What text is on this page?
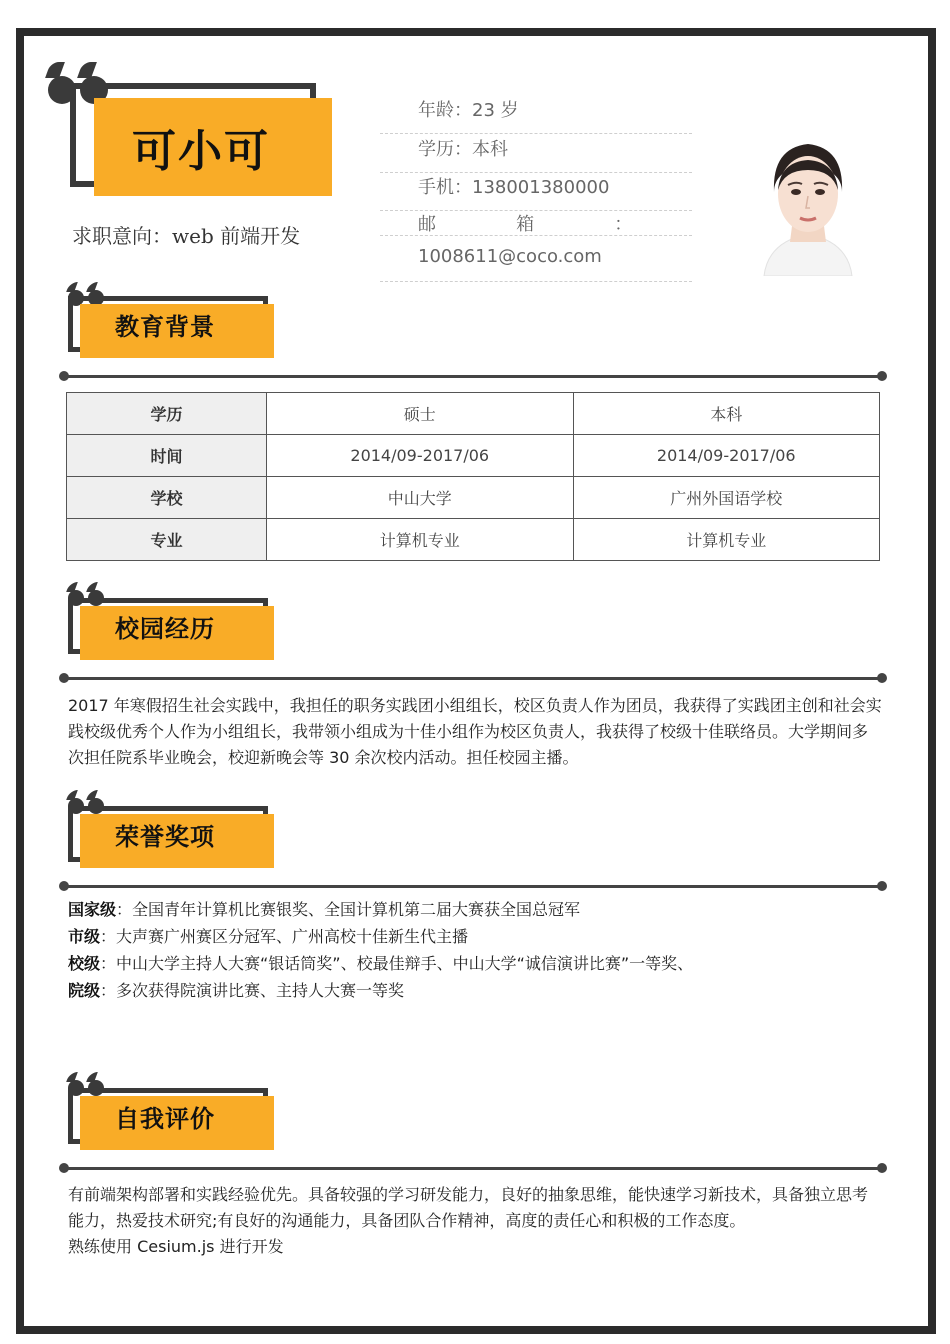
可小可
求职意向：web 前端开发
年龄：23 岁
学历：本科
手机：138001380000
邮              箱              ：
1008611@coco.com
教育背景
学历	硕士	本科
时间	2014/09-2017/06	2014/09-2017/06
学校	中山大学	广州外国语学校
专业	计算机专业	计算机专业
校园经历
2017 年寒假招生社会实践中，我担任的职务实践团小组组长，校区负责人作为团员，我获得了实践团主创和社会实践校级优秀个人作为小组组长，我带领小组成为十佳小组作为校区负责人，我获得了校级十佳联络员。大学期间多次担任院系毕业晚会，校迎新晚会等 30 余次校内活动。担任校园主播。
荣誉奖项
国家级：全国青年计算机比赛银奖、全国计算机第二届大赛获全国总冠军
市级：大声赛广州赛区分冠军、广州高校十佳新生代主播
校级：中山大学主持人大赛“银话筒奖”、校最佳辩手、中山大学“诚信演讲比赛”一等奖、
院级：多次获得院演讲比赛、主持人大赛一等奖
自我评价
有前端架构部署和实践经验优先。具备较强的学习研发能力，良好的抽象思维，能快速学习新技术，具备独立思考能力，热爱技术研究;有良好的沟通能力，具备团队合作精神，高度的责任心和积极的工作态度。
熟练使用 Cesium.js 进行开发
